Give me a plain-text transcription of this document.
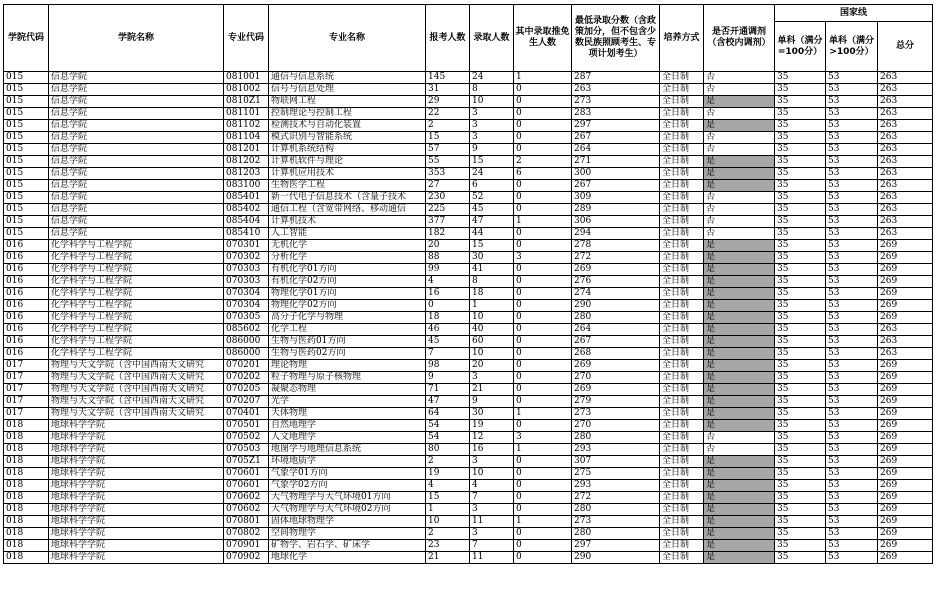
学院代码	学院名称	专业代码	专业名称	报考人数	录取人数	其中录取推免生人数	最低录取分数（含政策加分，但不包含少数民族照顾考生、专项计划考生）	培养方式	是否开通调剂（含校内调剂）	国家线		
										单科（满分=100分）	单科（满分>100分）	总分
015	信息学院	081001	通信与信息系统	145	24	1	287	全日制	否	35	53	263
015	信息学院	081002	信号与信息处理	31	8	0	263	全日制	否	35	53	263
015	信息学院	0810Z1	物联网工程	29	10	0	273	全日制	是	35	53	263
015	信息学院	081101	控制理论与控制工程	22	3	0	283	全日制	否	35	53	263
015	信息学院	081102	检测技术与自动化装置	2	3	0	297	全日制	是	35	53	263
015	信息学院	081104	模式识别与智能系统	15	3	0	267	全日制	否	35	53	263
015	信息学院	081201	计算机系统结构	57	9	0	264	全日制	否	35	53	263
015	信息学院	081202	计算机软件与理论	55	15	2	271	全日制	是	35	53	263
015	信息学院	081203	计算机应用技术	353	24	6	300	全日制	是	35	53	263
015	信息学院	083100	生物医学工程	27	6	0	267	全日制	是	35	53	263
015	信息学院	085401	新一代电子信息技术（含量子技术	230	52	0	309	全日制	否	35	53	263
015	信息学院	085402	通信工程（含宽带网络、移动通信	225	45	0	289	全日制	否	35	53	263
015	信息学院	085404	计算机技术	377	47	1	306	全日制	否	35	53	263
015	信息学院	085410	人工智能	182	44	0	294	全日制	否	35	53	263
016	化学科学与工程学院	070301	无机化学	20	15	0	278	全日制	是	35	53	269
016	化学科学与工程学院	070302	分析化学	88	30	3	272	全日制	是	35	53	269
016	化学科学与工程学院	070303	有机化学01方向	99	41	0	269	全日制	是	35	53	269
016	化学科学与工程学院	070303	有机化学02方向	4	8	0	276	全日制	是	35	53	269
016	化学科学与工程学院	070304	物理化学01方向	16	18	0	274	全日制	是	35	53	269
016	化学科学与工程学院	070304	物理化学02方向	0	1	0	290	全日制	是	35	53	269
016	化学科学与工程学院	070305	高分子化学与物理	18	10	0	280	全日制	是	35	53	269
016	化学科学与工程学院	085602	化学工程	46	40	0	264	全日制	是	35	53	263
016	化学科学与工程学院	086000	生物与医药01方向	45	60	0	267	全日制	是	35	53	263
016	化学科学与工程学院	086000	生物与医药02方向	7	10	0	268	全日制	是	35	53	263
017	物理与天文学院（含中国西南天文研究	070201	理论物理	98	20	0	269	全日制	是	35	53	269
017	物理与天文学院（含中国西南天文研究	070202	粒子物理与原子核物理	9	3	0	270	全日制	是	35	53	269
017	物理与天文学院（含中国西南天文研究	070205	凝聚态物理	71	21	0	269	全日制	是	35	53	269
017	物理与天文学院（含中国西南天文研究	070207	光学	47	9	0	279	全日制	是	35	53	269
017	物理与天文学院（含中国西南天文研究	070401	天体物理	64	30	1	273	全日制	是	35	53	269
018	地球科学学院	070501	自然地理学	54	19	0	270	全日制	是	35	53	269
018	地球科学学院	070502	人文地理学	54	12	3	280	全日制	否	35	53	269
018	地球科学学院	070503	地图学与地理信息系统	80	16	1	293	全日制	否	35	53	269
018	地球科学学院	0705Z1	环境地质学	2	3	0	307	全日制	是	35	53	269
018	地球科学学院	070601	气象学01方向	19	10	0	275	全日制	是	35	53	269
018	地球科学学院	070601	气象学02方向	4	4	0	293	全日制	是	35	53	269
018	地球科学学院	070602	大气物理学与大气环境01方向	15	7	0	272	全日制	是	35	53	269
018	地球科学学院	070602	大气物理学与大气环境02方向	1	3	0	280	全日制	是	35	53	269
018	地球科学学院	070801	固体地球物理学	10	11	1	273	全日制	是	35	53	269
018	地球科学学院	070802	空间物理学	2	3	0	280	全日制	是	35	53	269
018	地球科学学院	070901	矿物学、岩石学、矿床学	23	7	0	297	全日制	是	35	53	269
018	地球科学学院	070902	地球化学	21	11	0	290	全日制	是	35	53	269
